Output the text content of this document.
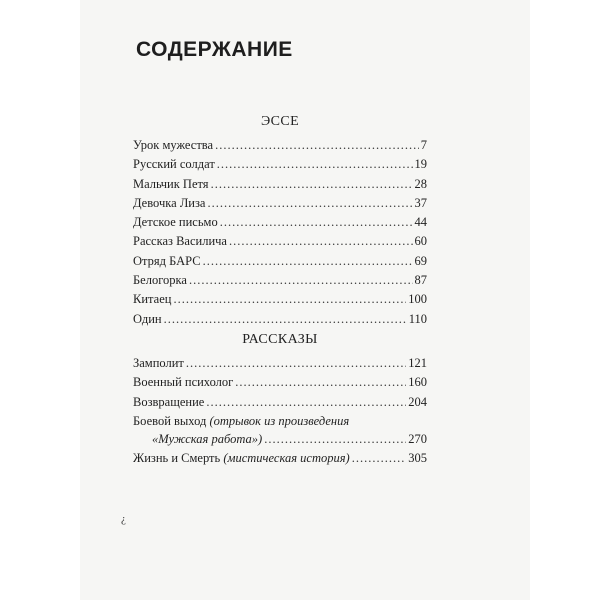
СОДЕРЖАНИЕ
ЭССЕ
Урок мужества .....	7
Русский солдат .....	19
Мальчик Петя .....	28
Девочка Лиза .....	37
Детское письмо .....	44
Рассказ Василича .....	60
Отряд БАРС .....	69
Белогорка .....	87
Китаец .....	100
Один .....	110
РАССКАЗЫ
Замполит .....	121
Военный психолог .....	160
Возвращение .....	204
Боевой выход (отрывок из произведения
«Мужская работа») .....	270
Жизнь и Смерть (мистическая история) .....	305
¿
